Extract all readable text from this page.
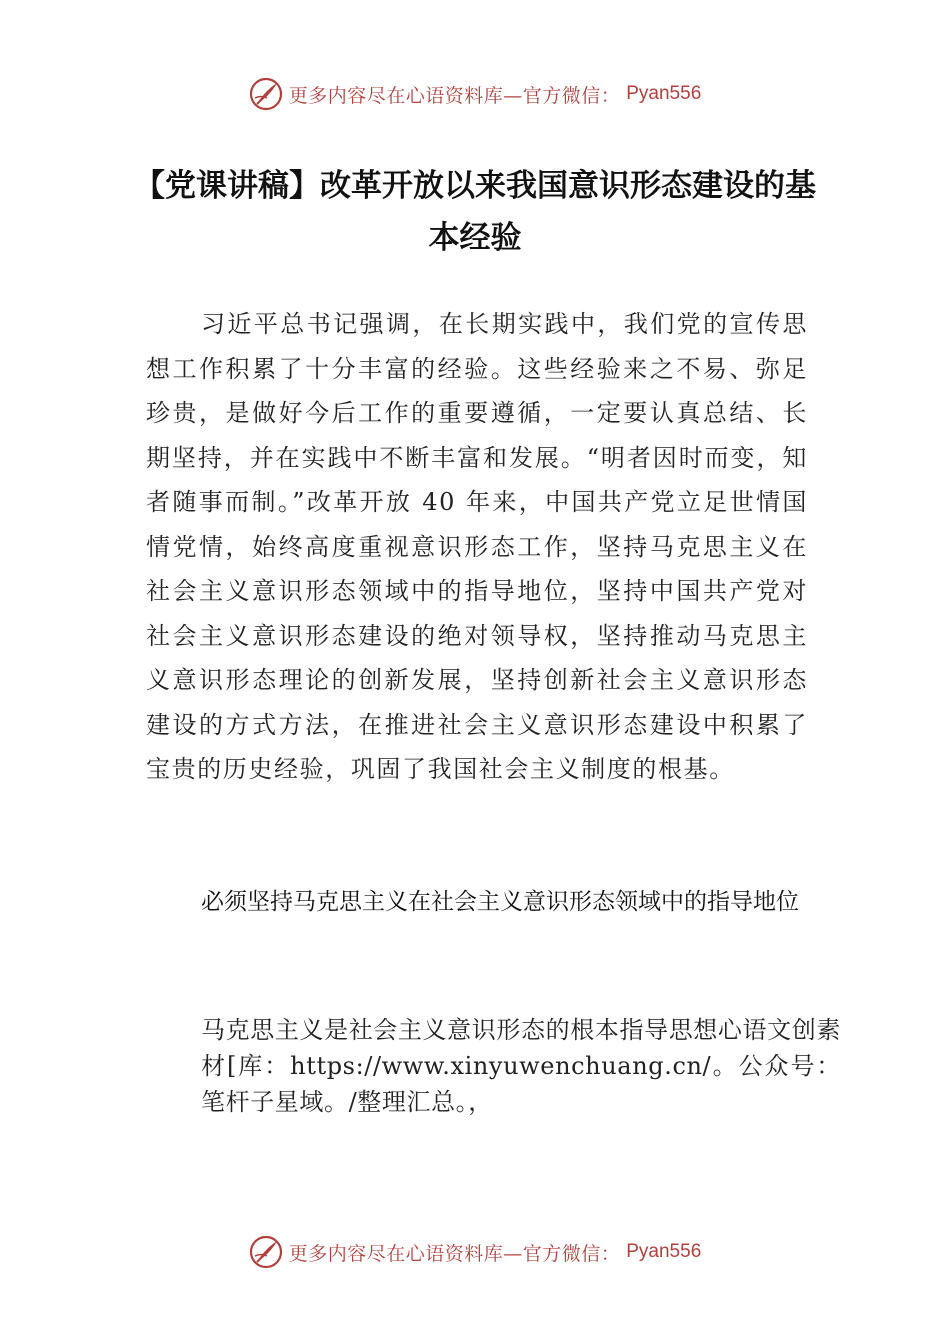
更多内容尽在心语资料库—官方微信： Pyan556
【党课讲稿】改革开放以来我国意识形态建设的基本经验
习近平总书记强调，在长期实践中，我们党的宣传思想工作积累了十分丰富的经验。这些经验来之不易、弥足珍贵，是做好今后工作的重要遵循，一定要认真总结、长期坚持，并在实践中不断丰富和发展。“明者因时而变，知者随事而制。”改革开放 40 年来，中国共产党立足世情国情党情，始终高度重视意识形态工作，坚持马克思主义在社会主义意识形态领域中的指导地位，坚持中国共产党对社会主义意识形态建设的绝对领导权，坚持推动马克思主义意识形态理论的创新发展，坚持创新社会主义意识形态建设的方式方法，在推进社会主义意识形态建设中积累了宝贵的历史经验，巩固了我国社会主义制度的根基。
必须坚持马克思主义在社会主义意识形态领域中的指导地位
马克思主义是社会主义意识形态的根本指导思想心语文创素材[库：https://www.xinyuwenchuang.cn/。公众号：笔杆子星域。/整理汇总。，
更多内容尽在心语资料库—官方微信： Pyan556
